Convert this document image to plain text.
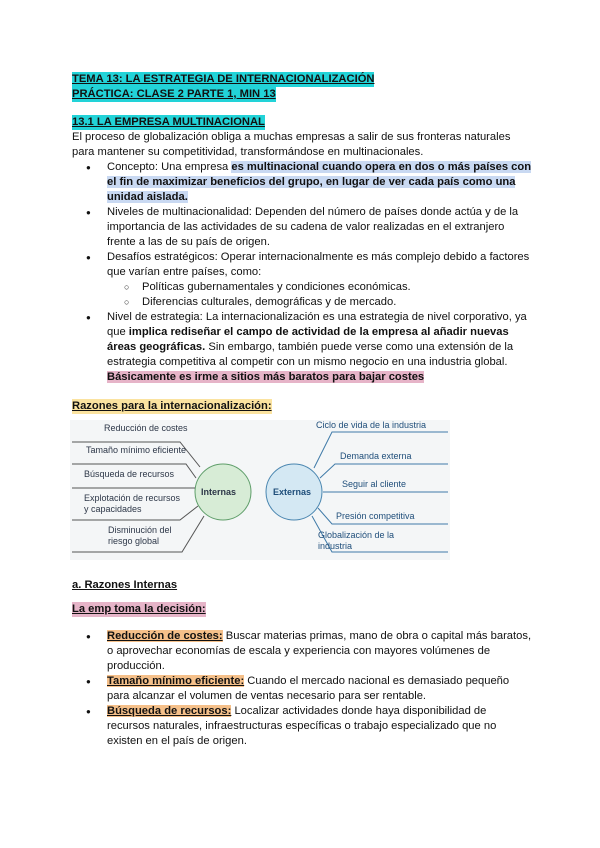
TEMA 13: LA ESTRATEGIA DE INTERNACIONALIZACIÓN
PRÁCTICA: CLASE 2 PARTE 1, MIN 13
13.1 LA EMPRESA MULTINACIONAL

El proceso de globalización obliga a muchas empresas a salir de sus fronteras naturales para mantener su competitividad, transformándose en multinacionales.

● Concepto: Una empresa es multinacional cuando opera en dos o más países con el fin de maximizar beneficios del grupo, en lugar de ver cada país como una unidad aislada.
● Niveles de multinacionalidad: Dependen del número de países donde actúa y de la importancia de las actividades de su cadena de valor realizadas en el extranjero frente a las de su país de origen.
● Desafíos estratégicos: Operar internacionalmente es más complejo debido a factores que varían entre países, como:
○ Políticas gubernamentales y condiciones económicas.
○ Diferencias culturales, demográficas y de mercado.
● Nivel de estrategia: La internacionalización es una estrategia de nivel corporativo, ya que implica rediseñar el campo de actividad de la empresa al añadir nuevas áreas geográficas. Sin embargo, también puede verse como una extensión de la estrategia competitiva al competir con un mismo negocio en una industria global. Básicamente es irme a sitios más baratos para bajar costes
Razones para la internacionalización:
Reducción de costes
Tamaño mínimo eficiente
Búsqueda de recursos
Explotación de recursos y capacidades
Disminución del riesgo global
Internas	Externas
Ciclo de vida de la industria
Demanda externa
Seguir al cliente
Presión competitiva
Globalización de la industria
a. Razones Internas
La emp toma la decisión:
● Reducción de costes: Buscar materias primas, mano de obra o capital más baratos, o aprovechar economías de escala y experiencia con mayores volúmenes de producción.
● Tamaño mínimo eficiente: Cuando el mercado nacional es demasiado pequeño para alcanzar el volumen de ventas necesario para ser rentable.
● Búsqueda de recursos: Localizar actividades donde haya disponibilidad de recursos naturales, infraestructuras específicas o trabajo especializado que no existen en el país de origen.
